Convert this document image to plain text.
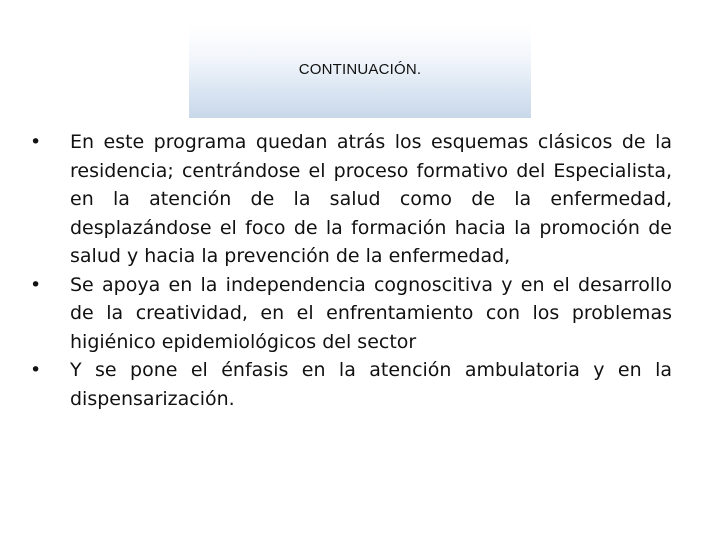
CONTINUACIÓN.
•	En este programa quedan atrás los esquemas clásicos de la residencia; centrándose el proceso formativo del Especialista, en la atención de la salud como de la enfermedad, desplazándose el foco de la formación hacia la promoción de salud y hacia la prevención de la enfermedad,
•	Se apoya en la independencia cognoscitiva y en el desarrollo de la creatividad, en el enfrentamiento con los problemas higiénico epidemiológicos del sector
•	Y se pone el énfasis en la atención ambulatoria y en la dispensarización.
